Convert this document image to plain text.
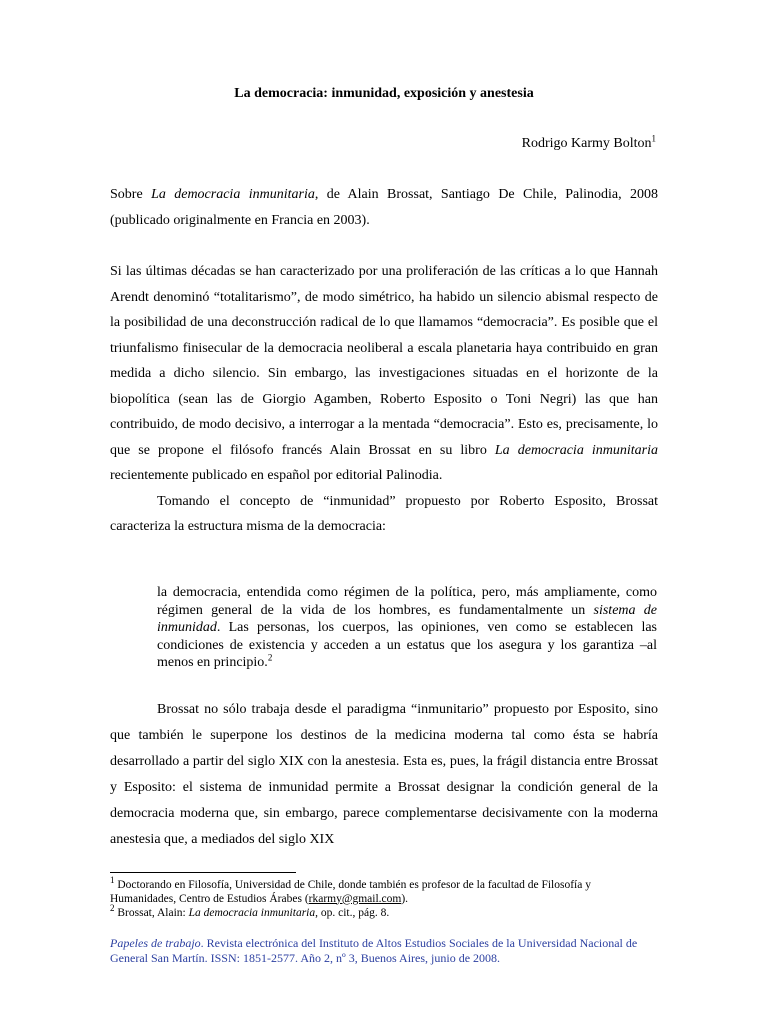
La democracia: inmunidad, exposición y anestesia
Rodrigo Karmy Bolton$^1$

Sobre La democracia inmunitaria, de Alain Brossat, Santiago De Chile, Palinodia, 2008 (publicado originalmente en Francia en 2003).

Si las últimas décadas se han caracterizado por una proliferación de las críticas a lo que Hannah Arendt denominó “totalitarismo”, de modo simétrico, ha habido un silencio abismal respecto de la posibilidad de una deconstrucción radical de lo que llamamos “democracia”. Es posible que el triunfalismo finisecular de la democracia neoliberal a escala planetaria haya contribuido en gran medida a dicho silencio. Sin embargo, las investigaciones situadas en el horizonte de la biopolítica (sean las de Giorgio Agamben, Roberto Esposito o Toni Negri) las que han contribuido, de modo decisivo, a interrogar a la mentada “democracia”. Esto es, precisamente, lo que se propone el filósofo francés Alain Brossat en su libro La democracia inmunitaria recientemente publicado en español por editorial Palinodia.

Tomando el concepto de “inmunidad” propuesto por Roberto Esposito, Brossat caracteriza la estructura misma de la democracia:

la democracia, entendida como régimen de la política, pero, más ampliamente, como régimen general de la vida de los hombres, es fundamentalmente un sistema de inmunidad. Las personas, los cuerpos, las opiniones, ven como se establecen las condiciones de existencia y acceden a un estatus que los asegura y los garantiza –al menos en principio.$^2$

Brossat no sólo trabaja desde el paradigma “inmunitario” propuesto por Esposito, sino que también le superpone los destinos de la medicina moderna tal como ésta se habría desarrollado a partir del siglo XIX con la anestesia. Esta es, pues, la frágil distancia entre Brossat y Esposito: el sistema de inmunidad permite a Brossat designar la condición general de la democracia moderna que, sin embargo, parece complementarse decisivamente con la moderna anestesia que, a mediados del siglo XIX

$^1$ Doctorando en Filosofía, Universidad de Chile, donde también es profesor de la facultad de Filosofía y Humanidades, Centro de Estudios Árabes (rkarmy@gmail.com).
$^2$ Brossat, Alain: La democracia inmunitaria, op. cit., pág. 8.
Papeles de trabajo. Revista electrónica del Instituto de Altos Estudios Sociales de la Universidad Nacional de General San Martín. ISSN: 1851-2577. Año 2, nº 3, Buenos Aires, junio de 2008.
